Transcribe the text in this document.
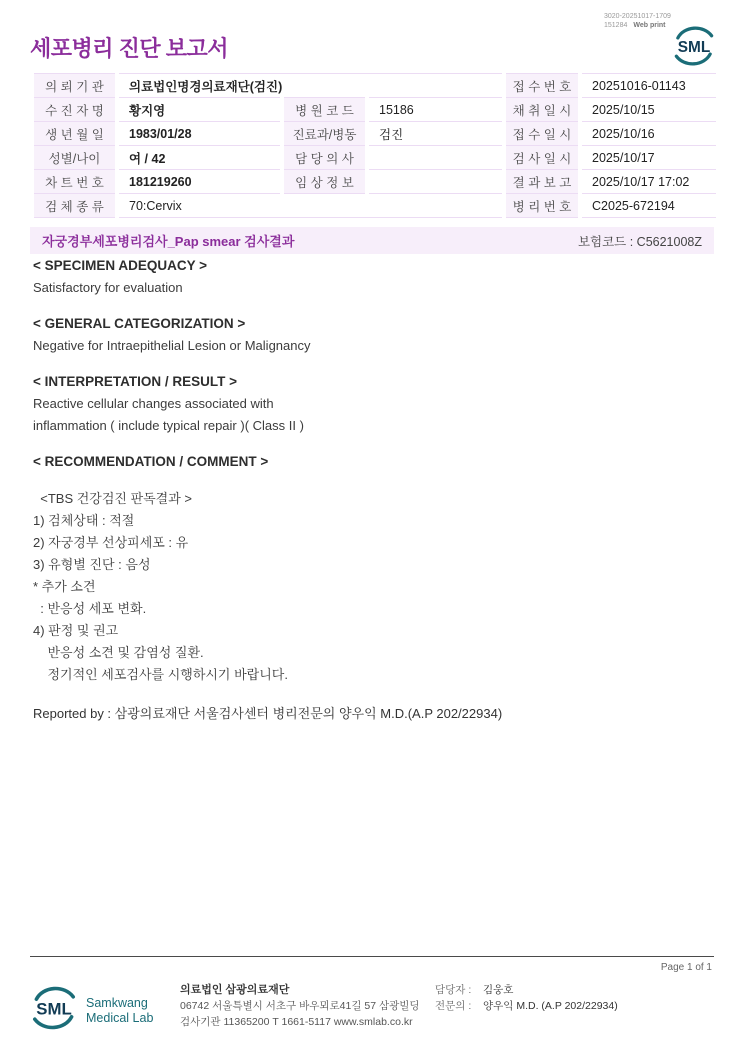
세포병리 진단 보고서
3020-20251017-1709
151284 Web print
SML
의 뢰 기 관	의료법인명경의료재단(검진)			접 수 번 호	20251016-01143
수 진 자 명	황지영	병 원 코 드	15186	채 취 일 시	2025/10/15
생 년 월 일	1983/01/28	진료과/병동	검진	접 수 일 시	2025/10/16
성별/나이	여 / 42	담 당 의 사		검 사 일 시	2025/10/17
차 트 번 호	181219260	임 상 정 보		결 과 보 고	2025/10/17 17:02
검 체 종 류	70:Cervix			병 리 번 호	C2025-672194
자궁경부세포병리검사_Pap smear 검사결과	보험코드 : C5621008Z
< SPECIMEN ADEQUACY >
Satisfactory for evaluation
< GENERAL CATEGORIZATION >
Negative for Intraepithelial Lesion or Malignancy
< INTERPRETATION / RESULT >
Reactive cellular changes associated with
inflammation ( include typical repair )( Class II )
< RECOMMENDATION / COMMENT >
<TBS 건강검진 판독결과 >
1) 검체상태 : 적절
2) 자궁경부 선상피세포 : 유
3) 유형별 진단 : 음성
* 추가 소견
: 반응성 세포 변화.
4) 판정 및 권고
반응성 소견 및 감염성 질환.
정기적인 세포검사를 시행하시기 바랍니다.
Reported by : 삼광의료재단 서울검사센터 병리전문의 양우익 M.D.(A.P 202/22934)
Page 1 of 1
SML Samkwang
Medical Lab
의료법인 삼광의료재단
06742 서울특별시 서초구 바우뫼로41길 57 삼광빌딩
검사기관 11365200 T 1661-5117 www.smlab.co.kr
담당자 : 김웅호
전문의 : 양우익 M.D. (A.P 202/22934)
